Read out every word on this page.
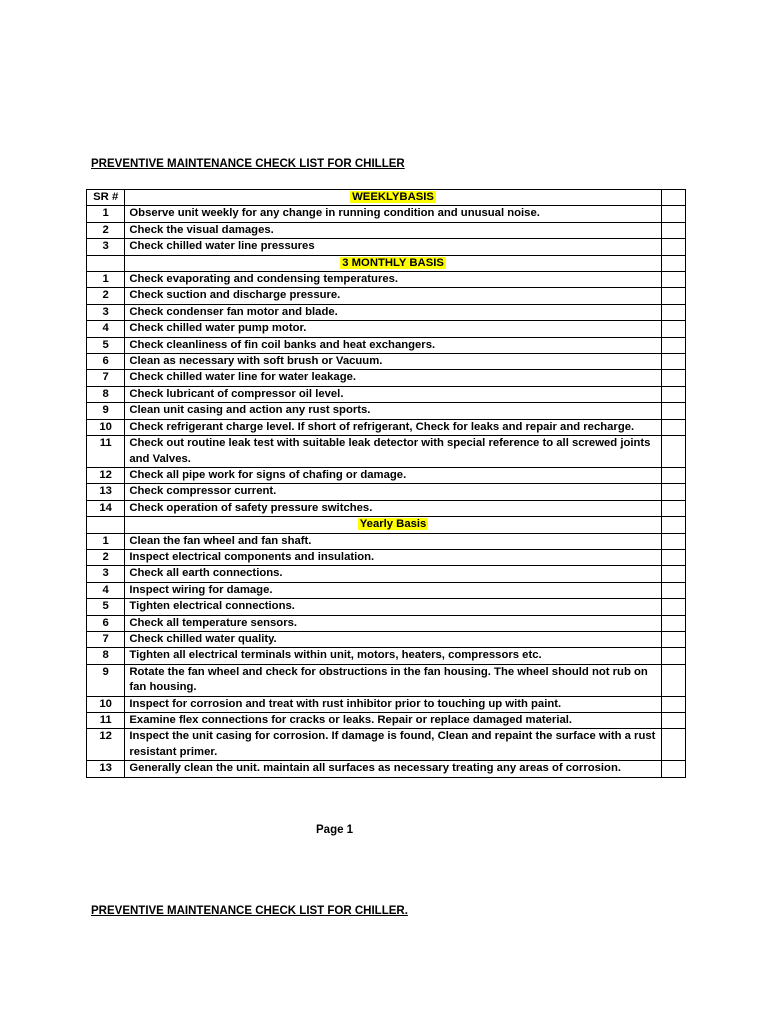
PREVENTIVE MAINTENANCE CHECK LIST FOR CHILLER

SR #	WEEKLYBASIS	
1	Observe unit weekly for any change in running condition and unusual noise.	
2	Check the visual damages.	
3	Check chilled water line pressures	
	3 MONTHLY BASIS	
1	Check evaporating and condensing temperatures.	
2	Check suction and discharge pressure.	
3	Check condenser fan motor and blade.	
4	Check chilled water pump motor.	
5	Check cleanliness of fin coil banks and heat exchangers.	
6	Clean as necessary with soft brush or Vacuum.	
7	Check chilled water line for water leakage.	
8	Check lubricant of compressor oil level.	
9	Clean unit casing and action any rust sports.	
10	Check refrigerant charge level. If short of refrigerant, Check for leaks and repair and recharge.	
11	Check out routine leak test with suitable leak detector with special reference to all screwed joints and Valves.	
12	Check all pipe work for signs of chafing or damage.	
13	Check compressor current.	
14	Check operation of safety pressure switches.	
	Yearly Basis	
1	Clean the fan wheel and fan shaft.	
2	Inspect electrical components and insulation.	
3	Check all earth connections.	
4	Inspect wiring for damage.	
5	Tighten electrical connections.	
6	Check all temperature sensors.	
7	Check chilled water quality.	
8	Tighten all electrical terminals within unit, motors, heaters, compressors etc.	
9	Rotate the fan wheel and check for obstructions in the fan housing. The wheel should not rub on fan housing.	
10	Inspect for corrosion and treat with rust inhibitor prior to touching up with paint.	
11	Examine flex connections for cracks or leaks. Repair or replace damaged material.	
12	Inspect the unit casing for corrosion. If damage is found, Clean and repaint the surface with a rust resistant primer.	
13	Generally clean the unit. maintain all surfaces as necessary treating any areas of corrosion.	

Page 1

PREVENTIVE MAINTENANCE CHECK LIST FOR CHILLER.
